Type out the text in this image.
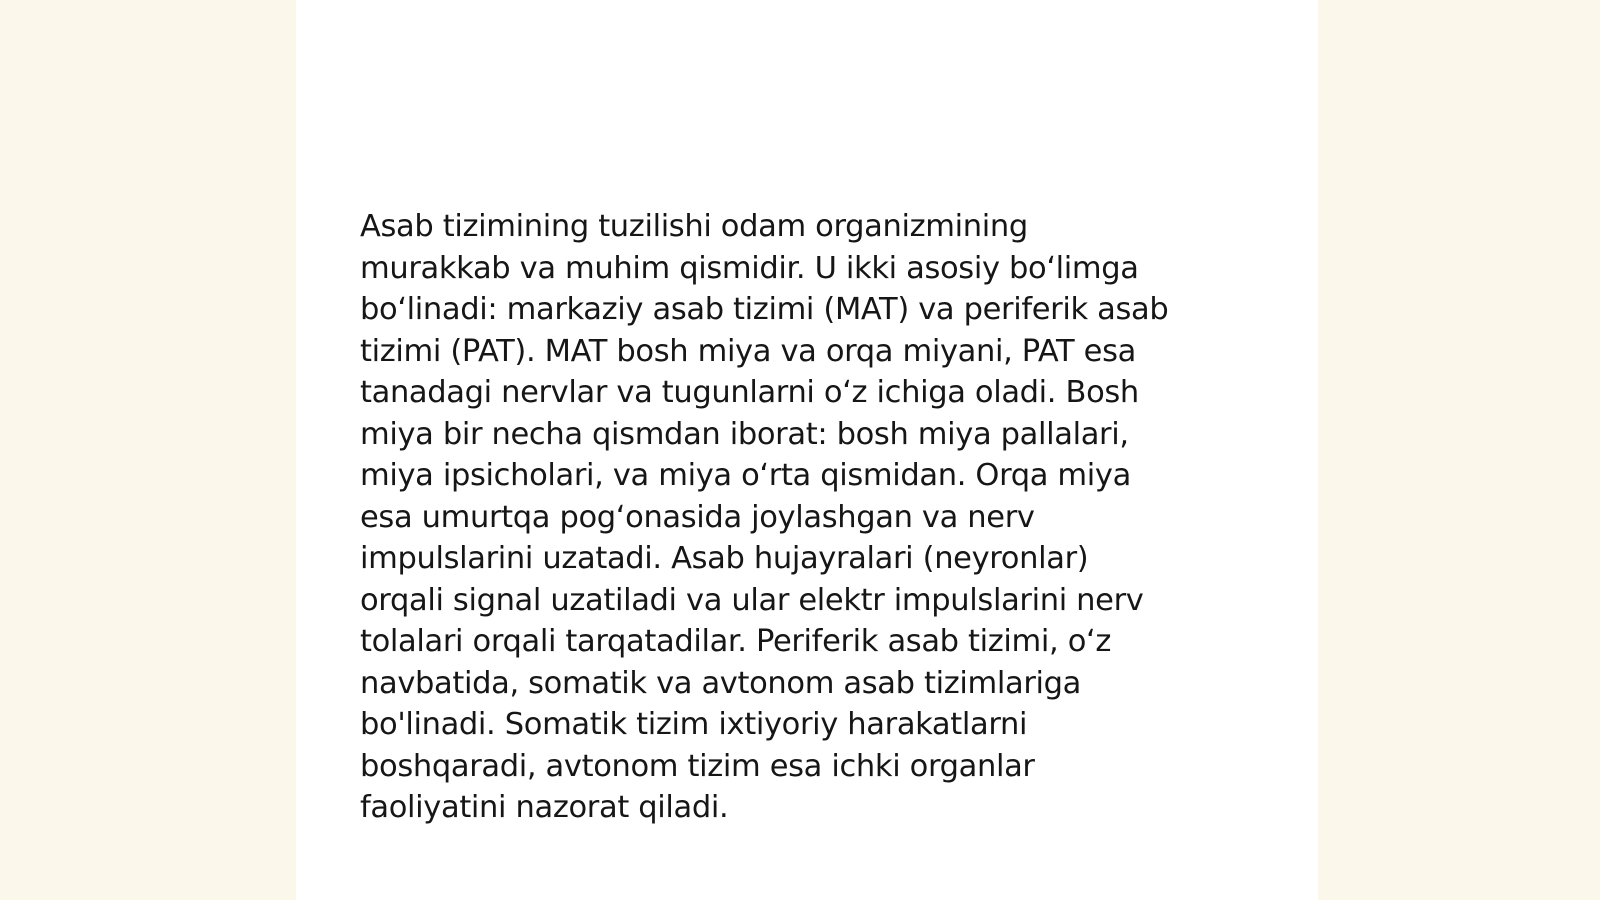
Asab tizimining tuzilishi odam organizmining
murakkab va muhim qismidir. U ikki asosiy bo‘limga
bo‘linadi: markaziy asab tizimi (MAT) va periferik asab
tizimi (PAT). MAT bosh miya va orqa miyani, PAT esa
tanadagi nervlar va tugunlarni o‘z ichiga oladi. Bosh
miya bir necha qismdan iborat: bosh miya pallalari,
miya ipsicholari, va miya o‘rta qismidan. Orqa miya
esa umurtqa pog‘onasida joylashgan va nerv
impulslarini uzatadi. Asab hujayralari (neyronlar)
orqali signal uzatiladi va ular elektr impulslarini nerv
tolalari orqali tarqatadilar. Periferik asab tizimi, o‘z
navbatida, somatik va avtonom asab tizimlariga
bo'linadi. Somatik tizim ixtiyoriy harakatlarni
boshqaradi, avtonom tizim esa ichki organlar
faoliyatini nazorat qiladi.
